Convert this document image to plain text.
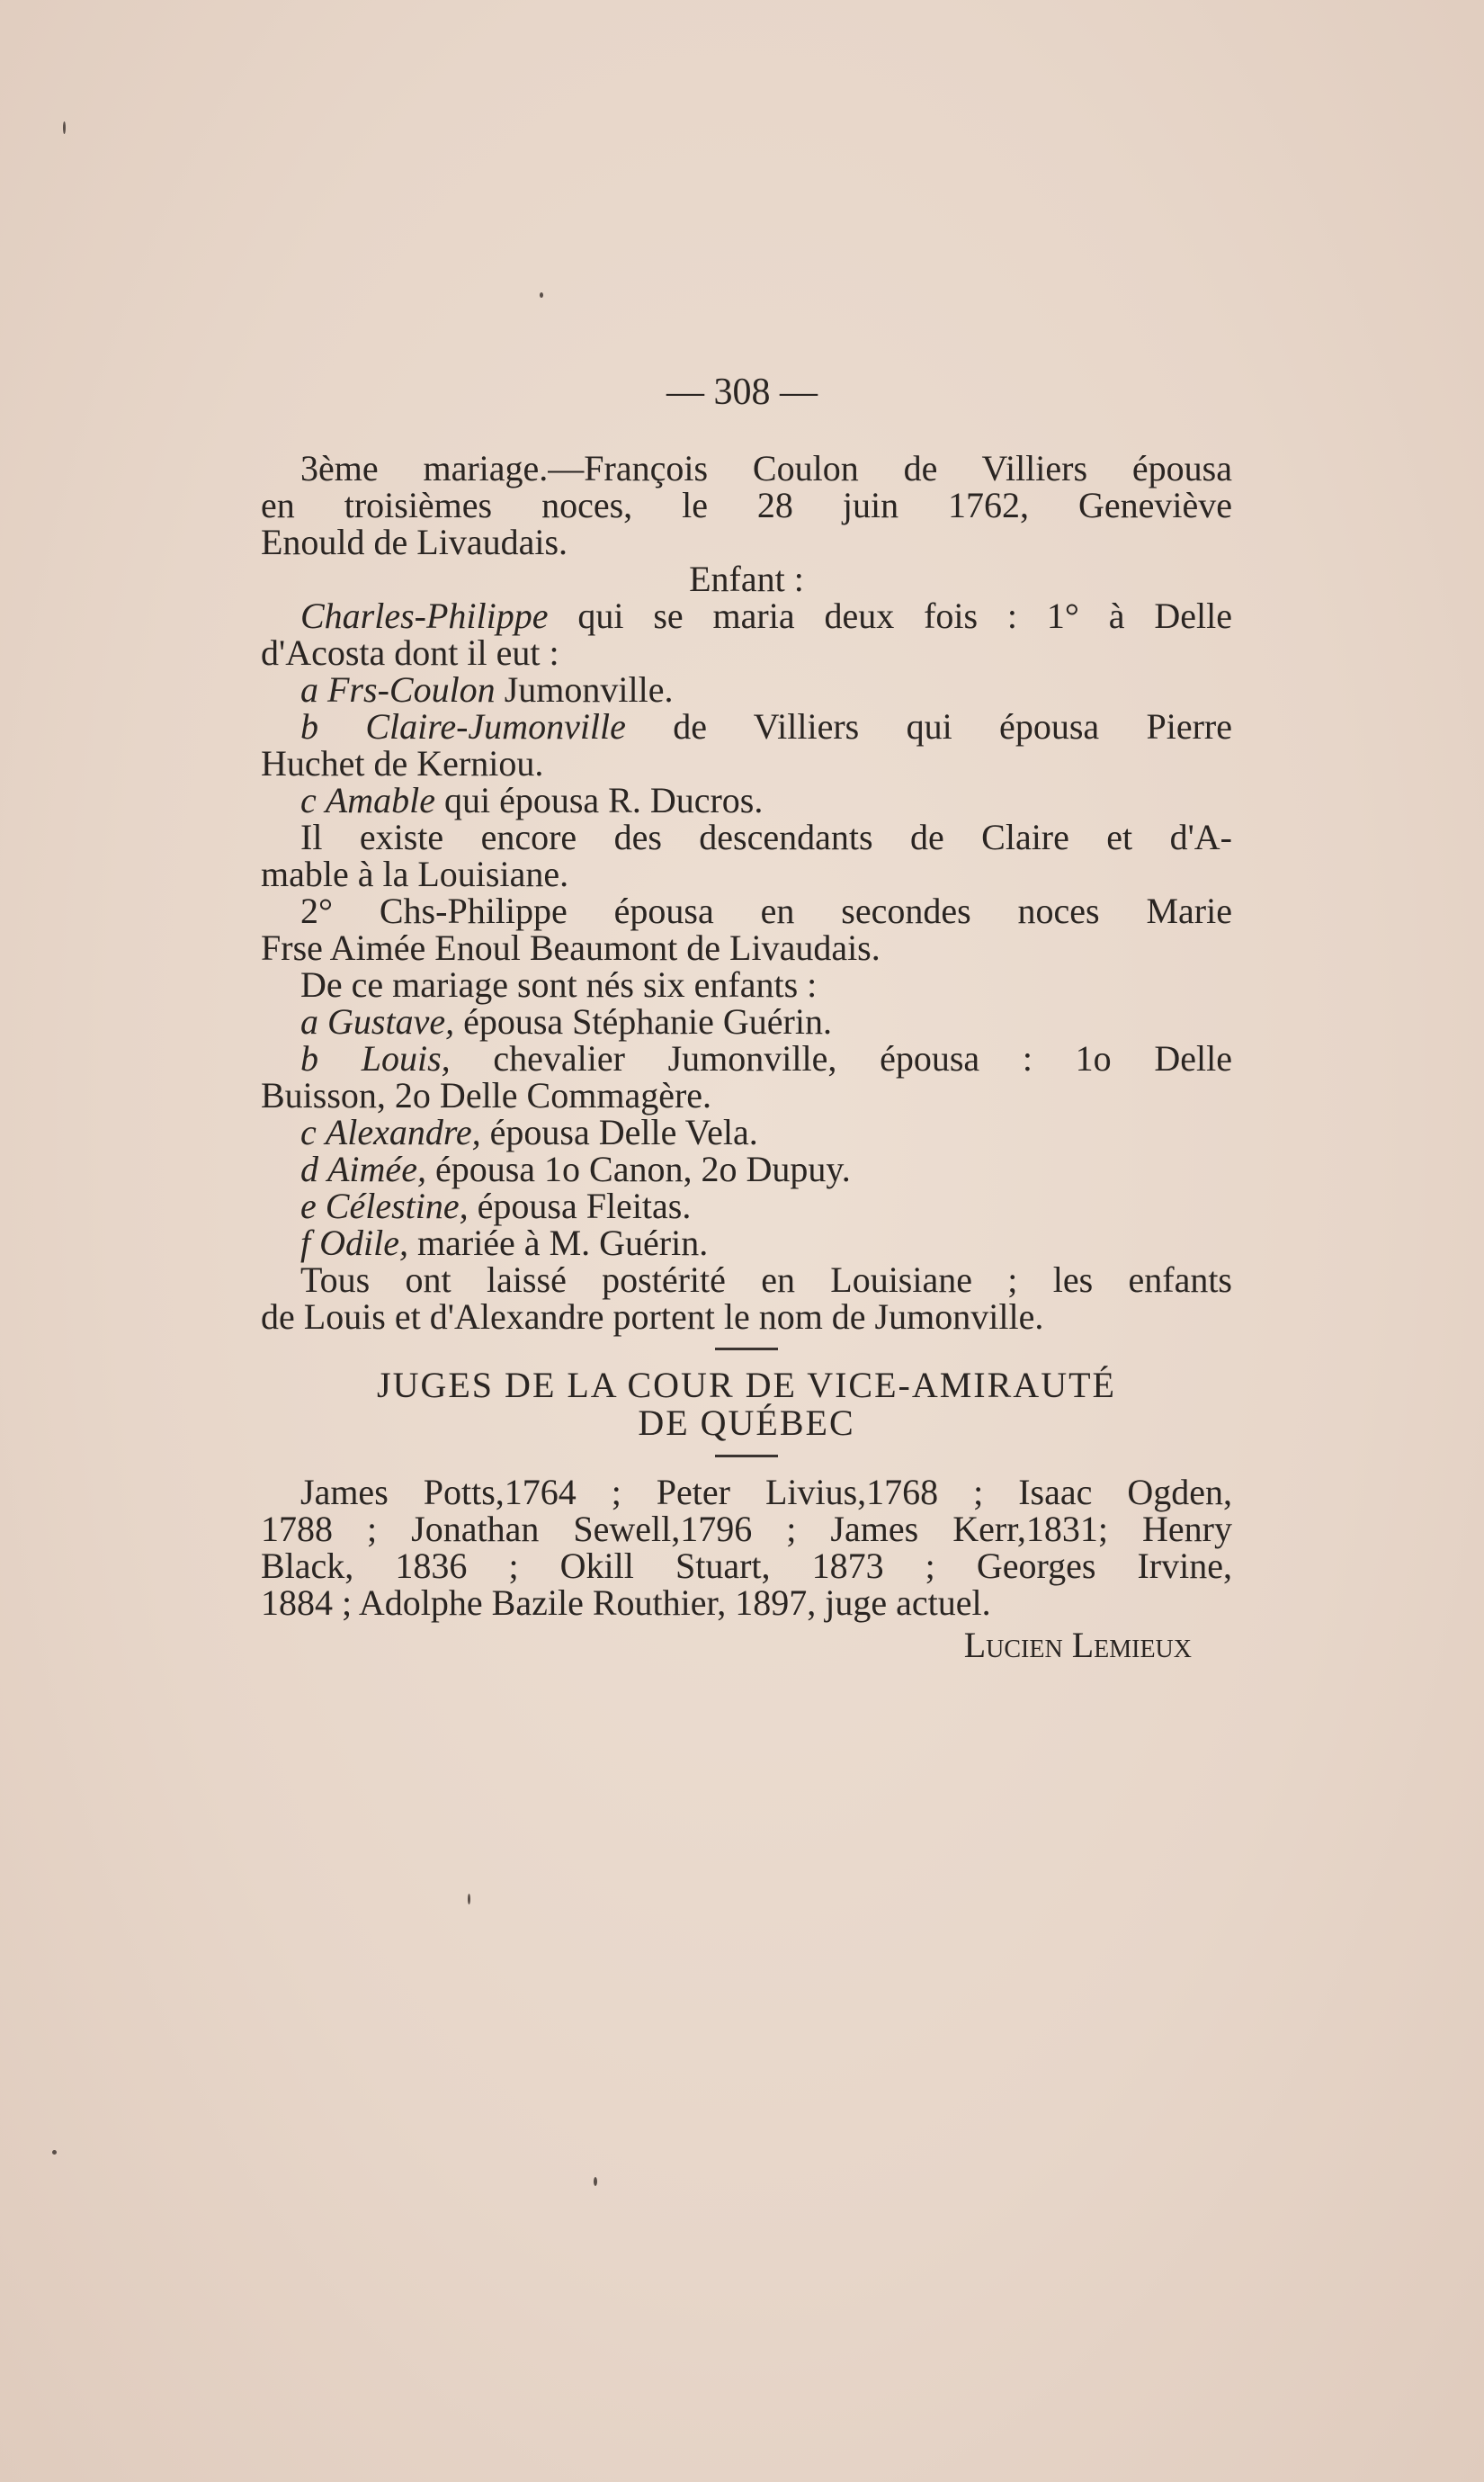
— 308 —
3ème mariage.—François Coulon de Villiers épousa
en troisièmes noces, le 28 juin 1762, Geneviève
Enould de Livaudais.
Enfant :
Charles-Philippe qui se maria deux fois : 1° à Delle
d'Acosta dont il eut :
a Frs-Coulon Jumonville.
b Claire-Jumonville de Villiers qui épousa Pierre
Huchet de Kerniou.
c Amable qui épousa R. Ducros.
Il existe encore des descendants de Claire et d'A-
mable à la Louisiane.
2° Chs-Philippe épousa en secondes noces Marie
Frse Aimée Enoul Beaumont de Livaudais.
De ce mariage sont nés six enfants :
a Gustave, épousa Stéphanie Guérin.
b Louis, chevalier Jumonville, épousa : 1o Delle
Buisson, 2o Delle Commagère.
c Alexandre, épousa Delle Vela.
d Aimée, épousa 1o Canon, 2o Dupuy.
e Célestine, épousa Fleitas.
f Odile, mariée à M. Guérin.
Tous ont laissé postérité en Louisiane ; les enfants
de Louis et d'Alexandre portent le nom de Jumonville.
JUGES DE LA COUR DE VICE-AMIRAUTÉ
DE QUÉBEC
James Potts,1764 ; Peter Livius,1768 ; Isaac Ogden,
1788 ; Jonathan Sewell,1796 ; James Kerr,1831; Henry
Black, 1836 ; Okill Stuart, 1873 ; Georges Irvine,
1884 ; Adolphe Bazile Routhier, 1897, juge actuel.
Lucien Lemieux
